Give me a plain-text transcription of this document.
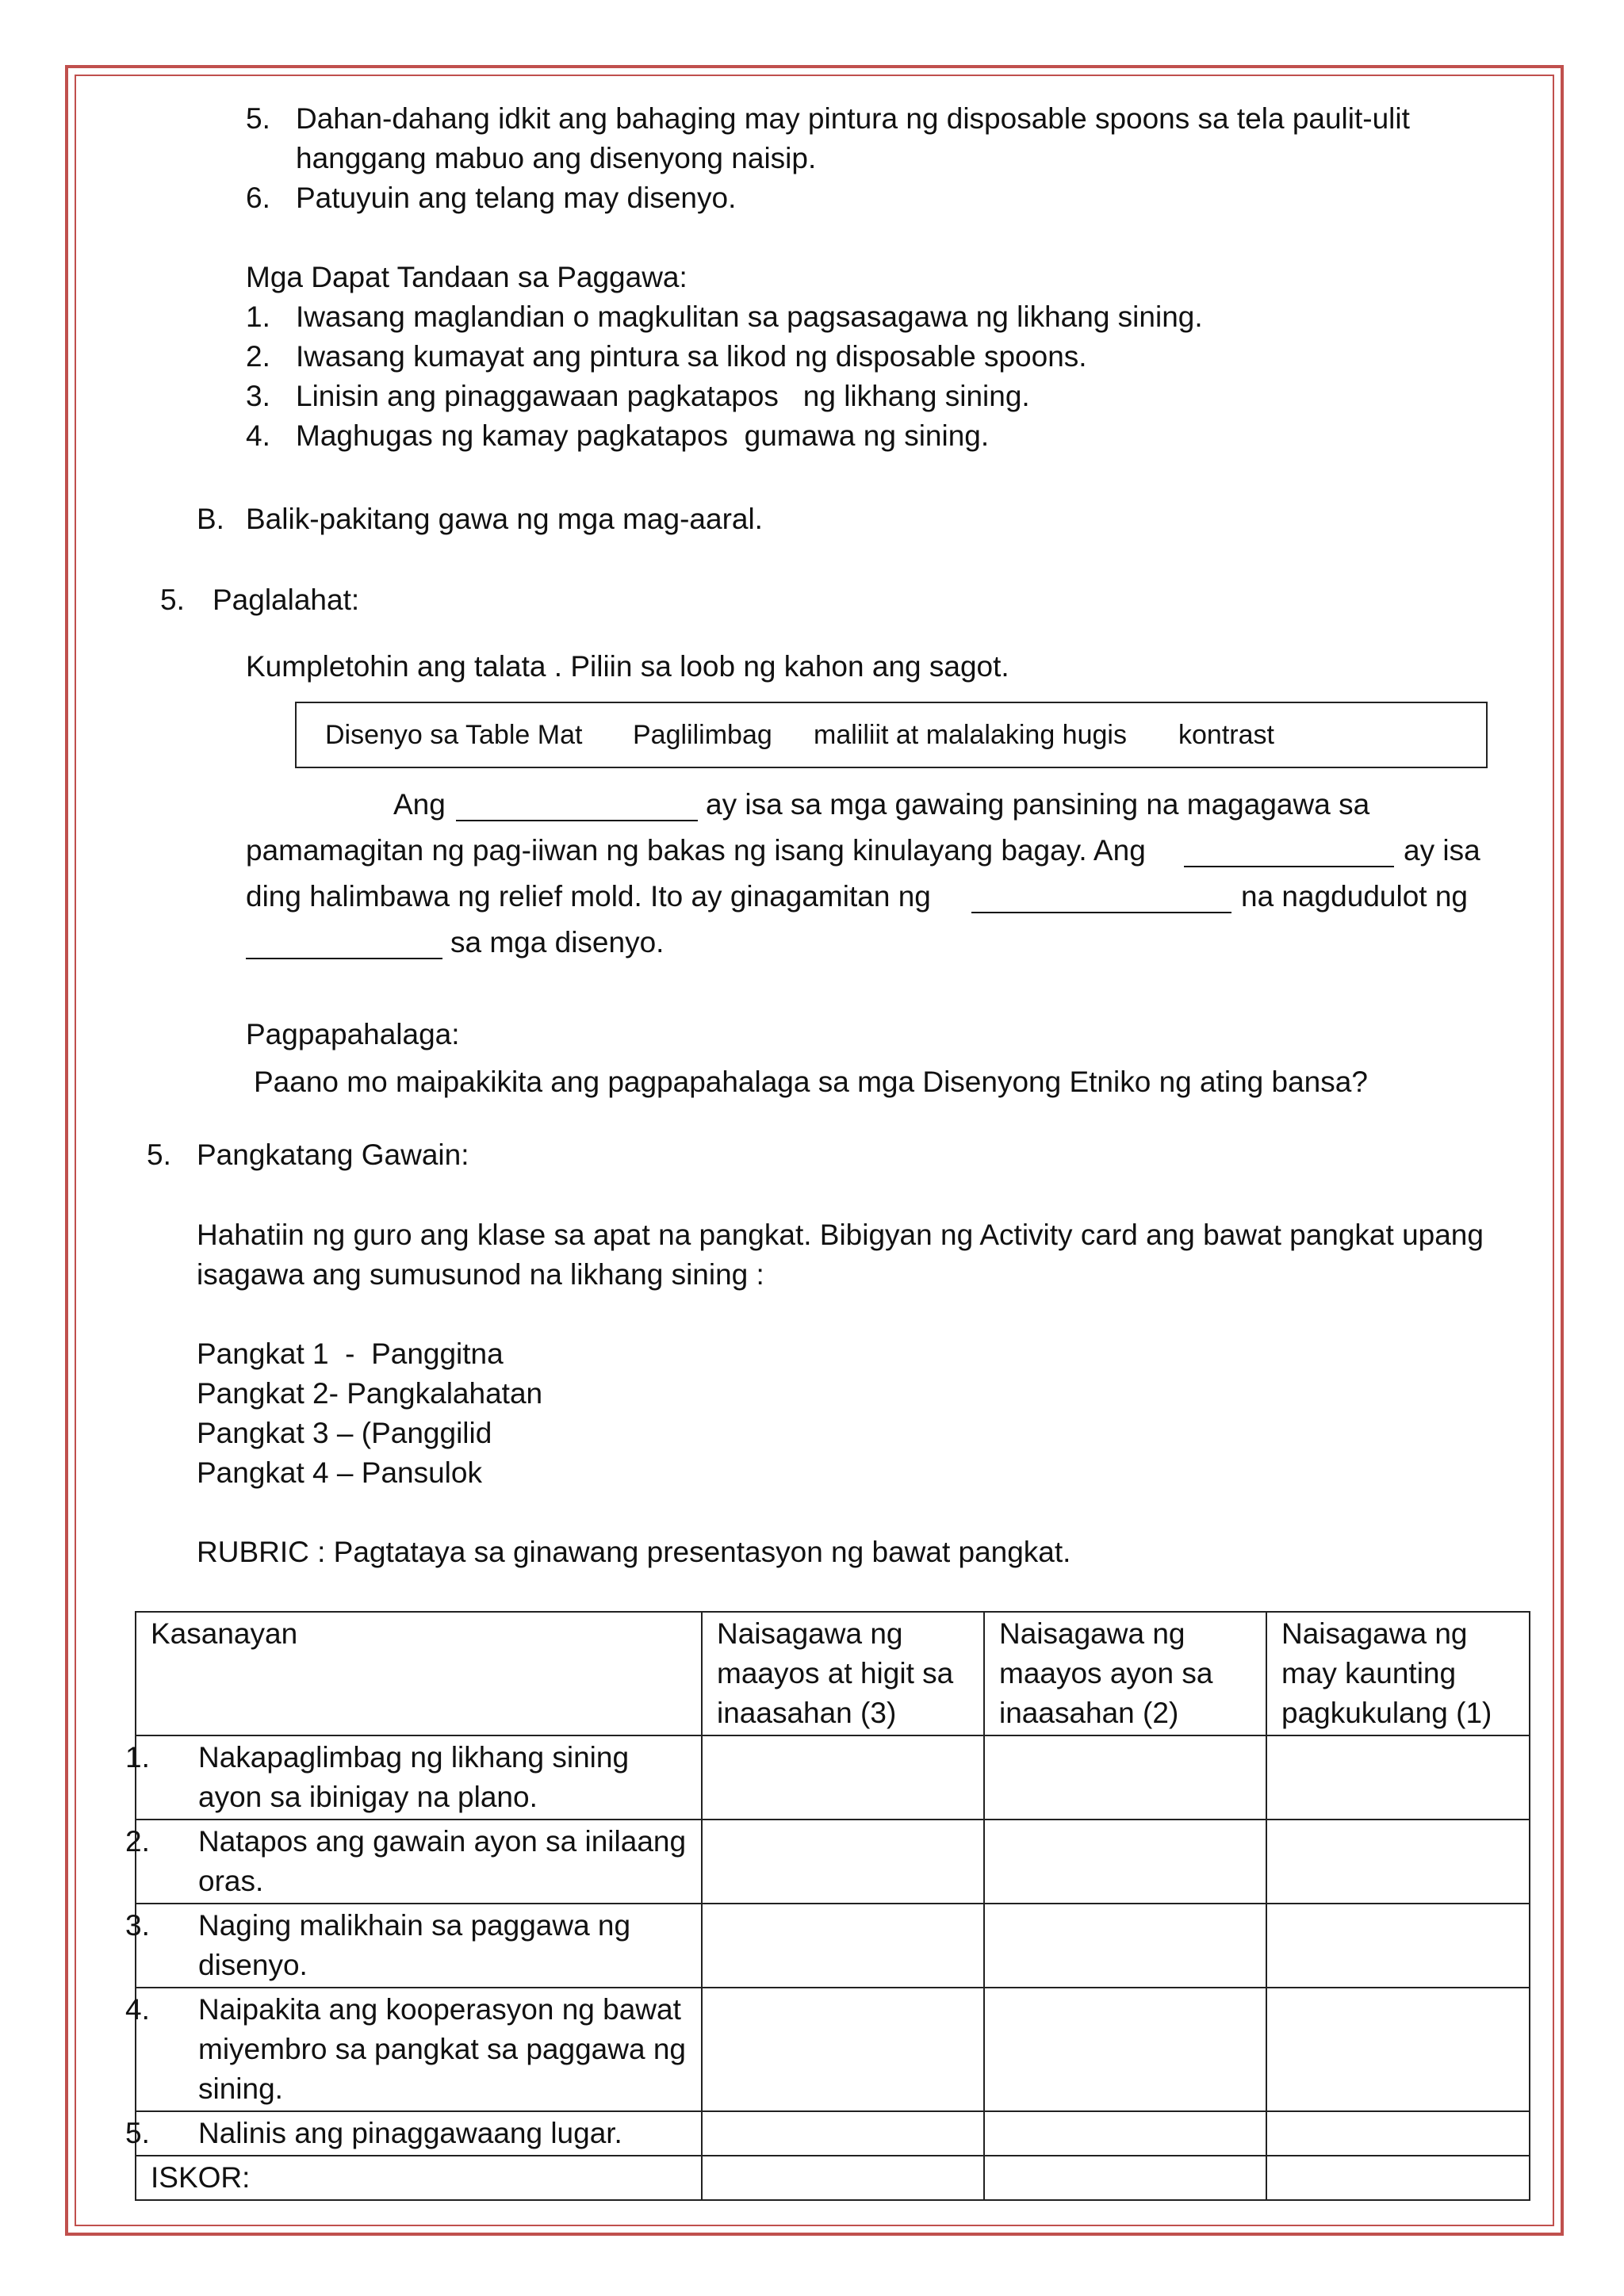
5. Dahan-dahang idkit ang bahaging may pintura ng disposable spoons sa tela paulit-ulit
hanggang mabuo ang disenyong naisip.
6. Patuyuin ang telang may disenyo.
Mga Dapat Tandaan sa Paggawa:
1. Iwasang maglandian o magkulitan sa pagsasagawa ng likhang sining.
2. Iwasang kumayat ang pintura sa likod ng disposable spoons.
3. Linisin ang pinaggawaan pagkatapos   ng likhang sining.
4. Maghugas ng kamay pagkatapos  gumawa ng sining.
B. Balik-pakitang gawa ng mga mag-aaral.
5. Paglalahat:
Kumpletohin ang talata . Piliin sa loob ng kahon ang sagot.
Disenyo sa Table Mat Paglilimbag maliliit at malalaking hugis kontrast
Ang	ay isa sa mga gawaing pansining na magagawa sa
pamamagitan ng pag-iiwan ng bakas ng isang kinulayang bagay. Ang	ay isa
ding halimbawa ng relief mold. Ito ay ginagamitan ng	na nagdudulot ng
sa mga disenyo.
Pagpapahalaga:
Paano mo maipakikita ang pagpapahalaga sa mga Disenyong Etniko ng ating bansa?
5. Pangkatang Gawain:
Hahatiin ng guro ang klase sa apat na pangkat. Bibigyan ng Activity card ang bawat pangkat upang
isagawa ang sumusunod na likhang sining :
Pangkat 1  -  Panggitna
Pangkat 2- Pangkalahatan
Pangkat 3 – (Panggilid
Pangkat 4 – Pansulok
RUBRIC : Pagtataya sa ginawang presentasyon ng bawat pangkat.
Kasanayan	Naisagawa ng maayos at higit sa inaasahan (3)	Naisagawa ng maayos ayon sa inaasahan (2)	Naisagawa ng may kaunting pagkukulang (1)

1. Nakapaglimbag ng likhang sining ayon sa ibinigay na plano.			

2. Natapos ang gawain ayon sa inilaang oras.			

3. Naging malikhain sa paggawa ng disenyo.			

4. Naipakita ang kooperasyon ng bawat miyembro sa pangkat sa paggawa ng sining.			

5. Nalinis ang pinaggawaang lugar.			

ISKOR:			
